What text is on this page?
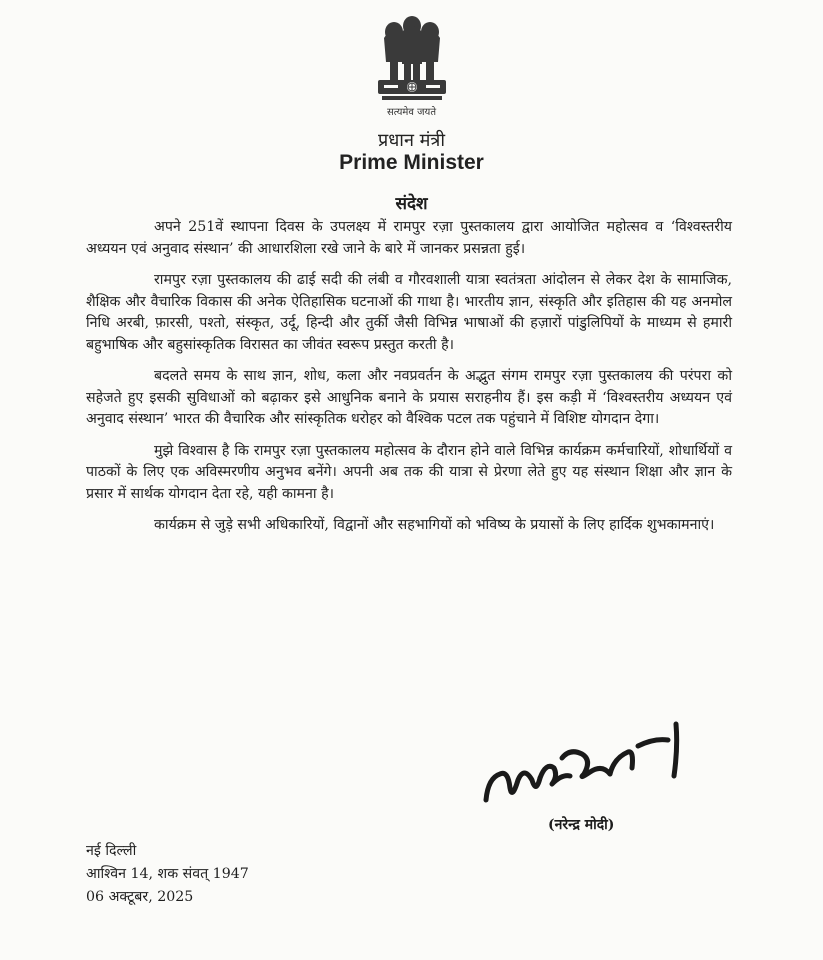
सत्यमेव जयते
प्रधान मंत्री
Prime Minister
संदेश

अपने 251वें स्थापना दिवस के उपलक्ष्य में रामपुर रज़ा पुस्तकालय द्वारा आयोजित महोत्सव व ‘विश्वस्तरीय अध्ययन एवं अनुवाद संस्थान’ की आधारशिला रखे जाने के बारे में जानकर प्रसन्नता हुई।

रामपुर रज़ा पुस्तकालय की ढाई सदी की लंबी व गौरवशाली यात्रा स्वतंत्रता आंदोलन से लेकर देश के सामाजिक, शैक्षिक और वैचारिक विकास की अनेक ऐतिहासिक घटनाओं की गाथा है। भारतीय ज्ञान, संस्कृति और इतिहास की यह अनमोल निधि अरबी, फ़ारसी, पश्तो, संस्कृत, उर्दू, हिन्दी और तुर्की जैसी विभिन्न भाषाओं की हज़ारों पांडुलिपियों के माध्यम से हमारी बहुभाषिक और बहुसांस्कृतिक विरासत का जीवंत स्वरूप प्रस्तुत करती है।

बदलते समय के साथ ज्ञान, शोध, कला और नवप्रवर्तन के अद्भुत संगम रामपुर रज़ा पुस्तकालय की परंपरा को सहेजते हुए इसकी सुविधाओं को बढ़ाकर इसे आधुनिक बनाने के प्रयास सराहनीय हैं। इस कड़ी में ‘विश्वस्तरीय अध्ययन एवं अनुवाद संस्थान’ भारत की वैचारिक और सांस्कृतिक धरोहर को वैश्विक पटल तक पहुंचाने में विशिष्ट योगदान देगा।

मुझे विश्वास है कि रामपुर रज़ा पुस्तकालय महोत्सव के दौरान होने वाले विभिन्न कार्यक्रम कर्मचारियों, शोधार्थियों व पाठकों के लिए एक अविस्मरणीय अनुभव बनेंगे। अपनी अब तक की यात्रा से प्रेरणा लेते हुए यह संस्थान शिक्षा और ज्ञान के प्रसार में सार्थक योगदान देता रहे, यही कामना है।

कार्यक्रम से जुड़े सभी अधिकारियों, विद्वानों और सहभागियों को भविष्य के प्रयासों के लिए हार्दिक शुभकामनाएं।

(नरेन्द्र मोदी)
नई दिल्ली
आश्विन 14, शक संवत् 1947
06 अक्टूबर, 2025
